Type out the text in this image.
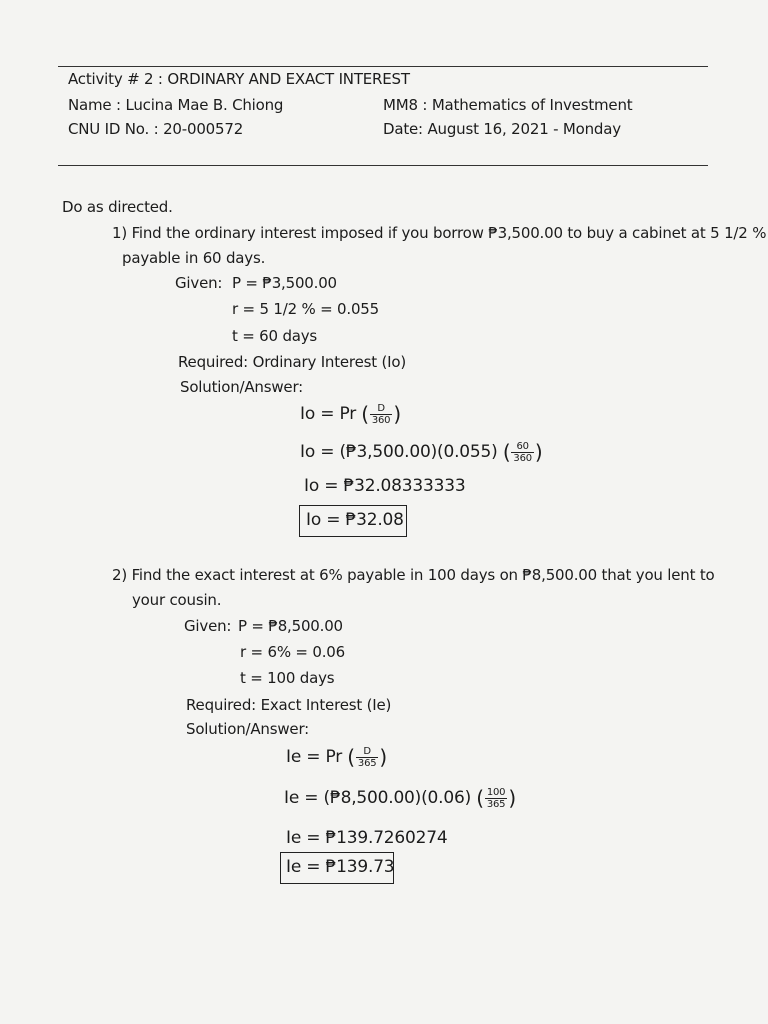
Activity # 2 : ORDINARY AND EXACT INTEREST
Name : Lucina Mae B. Chiong
CNU ID No. : 20-000572
MM8 : Mathematics of Investment
Date: August 16, 2021 - Monday
Do as directed.
1) Find the ordinary interest imposed if you borrow ₱3,500.00 to buy a cabinet at 5 1/2 %
payable in 60 days.
Given: P = ₱3,500.00
r = 5 1/2 % = 0.055
t = 60 days
Required: Ordinary Interest (Io)
Solution/Answer:
Io = Pr ( $\frac{D}{360}$ )
Io = (₱3,500.00)(0.055) ( $\frac{60}{360}$ )
Io = ₱32.08333333
Io = ₱32.08
2) Find the exact interest at 6% payable in 100 days on ₱8,500.00 that you lent to
your cousin.
Given: P = ₱8,500.00
r = 6% = 0.06
t = 100 days
Required: Exact Interest (Ie)
Solution/Answer:
Ie = Pr ( $\frac{D}{365}$ )
Ie = (₱8,500.00)(0.06) ( $\frac{100}{365}$ )
Ie = ₱139.7260274
Ie = ₱139.73
